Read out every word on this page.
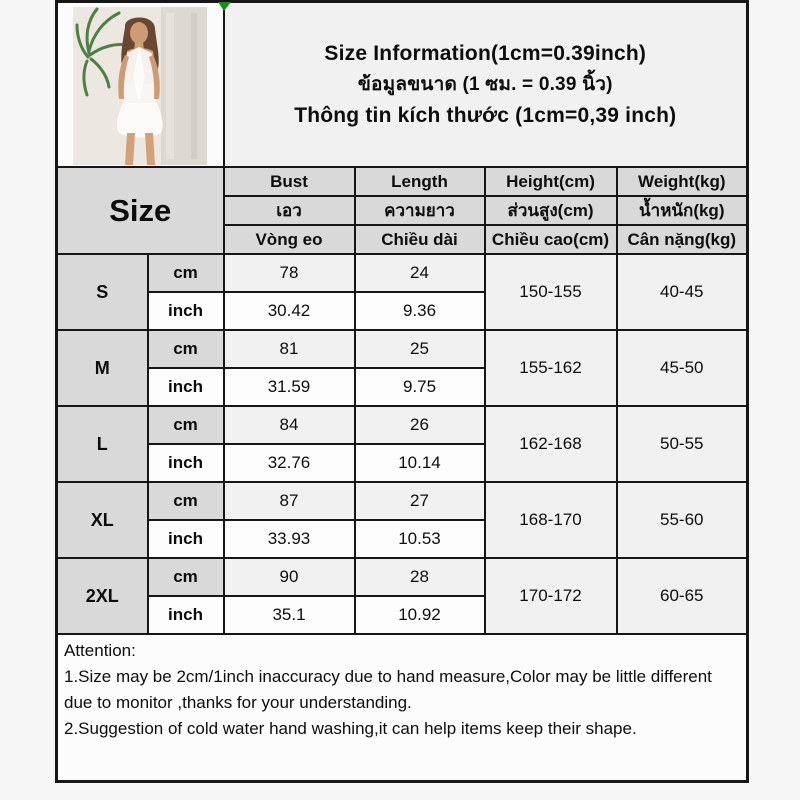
Size Information(1cm=0.39inch)
ข้อมูลขนาด (1 ซม. = 0.39 นิ้ว)
Thông tin kích thước (1cm=0,39 inch)			

Size		Bust	Length	Height(cm)	Weight(kg)
		เอว	ความยาว	ส่วนสูง(cm)	น้ำหนัก(kg)
		Vòng eo	Chiều dài	Chiều cao(cm)	Cân nặng(kg)
S	cm	78	24	150-155	40-45
	inch	30.42	9.36		
M	cm	81	25	155-162	45-50
	inch	31.59	9.75		
L	cm	84	26	162-168	50-55
	inch	32.76	10.14		
XL	cm	87	27	168-170	55-60
	inch	33.93	10.53		
2XL	cm	90	28	170-172	60-65
	inch	35.1	10.92		

Attention:
1.Size may be 2cm/1inch inaccuracy due to hand measure,Color may be little different due to monitor ,thanks for your understanding.
2.Suggestion of cold water hand washing,it can help items keep their shape.					
